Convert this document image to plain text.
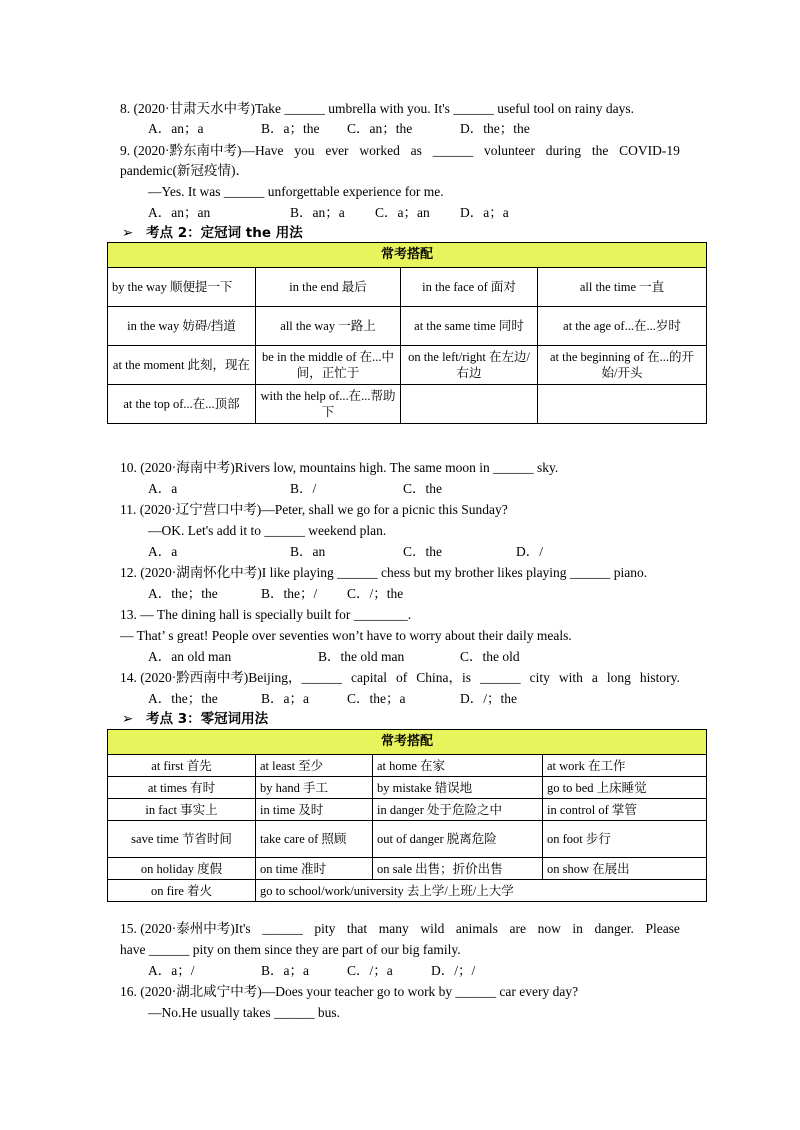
8. (2020·甘肃天水中考)Take ______ umbrella with you. It's ______ useful tool on rainy days.
A．an；a	B．a；the C．an；the	D．the；the
9. (2020·黔东南中考)—Have you ever worked as ______ volunteer during the COVID-19
pandemic(新冠疫情)．
—Yes. It was ______ unforgettable experience for me.
A．an；an	B．an；a C．a；an D．a；a
➢ 考点 2：定冠词 the 用法
常考搭配			
by the way 顺便提一下	in the end 最后	in the face of 面对	all the time 一直
in the way 妨碍/挡道	all the way 一路上	at the same time 同时	at the age of...在...岁时
at the moment 此刻，现在	be in the middle of 在...中间，正忙于	on the left/right 在左边/右边	at the beginning of 在...的开始/开头
at the top of...在...顶部	with the help of...在...帮助下		
10. (2020·海南中考)Rivers low, mountains high. The same moon in ______ sky.
A．a	B．/	C．the
11. (2020·辽宁营口中考)—Peter, shall we go for a picnic this Sunday?
—OK. Let's add it to ______ weekend plan.
A．a	B．an	C．the	D．/
12. (2020·湖南怀化中考)I like playing ______ chess but my brother likes playing ______ piano.
A．the；the	B．the；/ C．/；the
13. — The dining hall is specially built for ________.
— That’ s great! People over seventies won’t have to worry about their daily meals.
A．an old man	B．the old man	C．the old
14. (2020·黔西南中考)Beijing，______ capital of China，is ______ city with a long history.
A．the；the	B．a；a	C．the；a	D．/；the
➢ 考点 3：零冠词用法
常考搭配			
at first 首先	at least 至少	at home 在家	at work 在工作
at times 有时	by hand 手工	by mistake 错误地	go to bed 上床睡觉
in fact 事实上	in time 及时	in danger 处于危险之中	in control of 掌管
save time 节省时间	take care of 照顾	out of danger 脱离危险	on foot 步行
on holiday 度假	on time 准时	on sale 出售；折价出售	on show 在展出
on fire 着火	go to school/work/university 去上学/上班/上大学		
15. (2020·泰州中考)It's ______ pity that many wild animals are now in danger. Please
have ______ pity on them since they are part of our big family.
A．a；/	B．a；a	C．/；a	D．/；/
16. (2020·湖北咸宁中考)—Does your teacher go to work by ______ car every day?
—No.He usually takes ______ bus.
